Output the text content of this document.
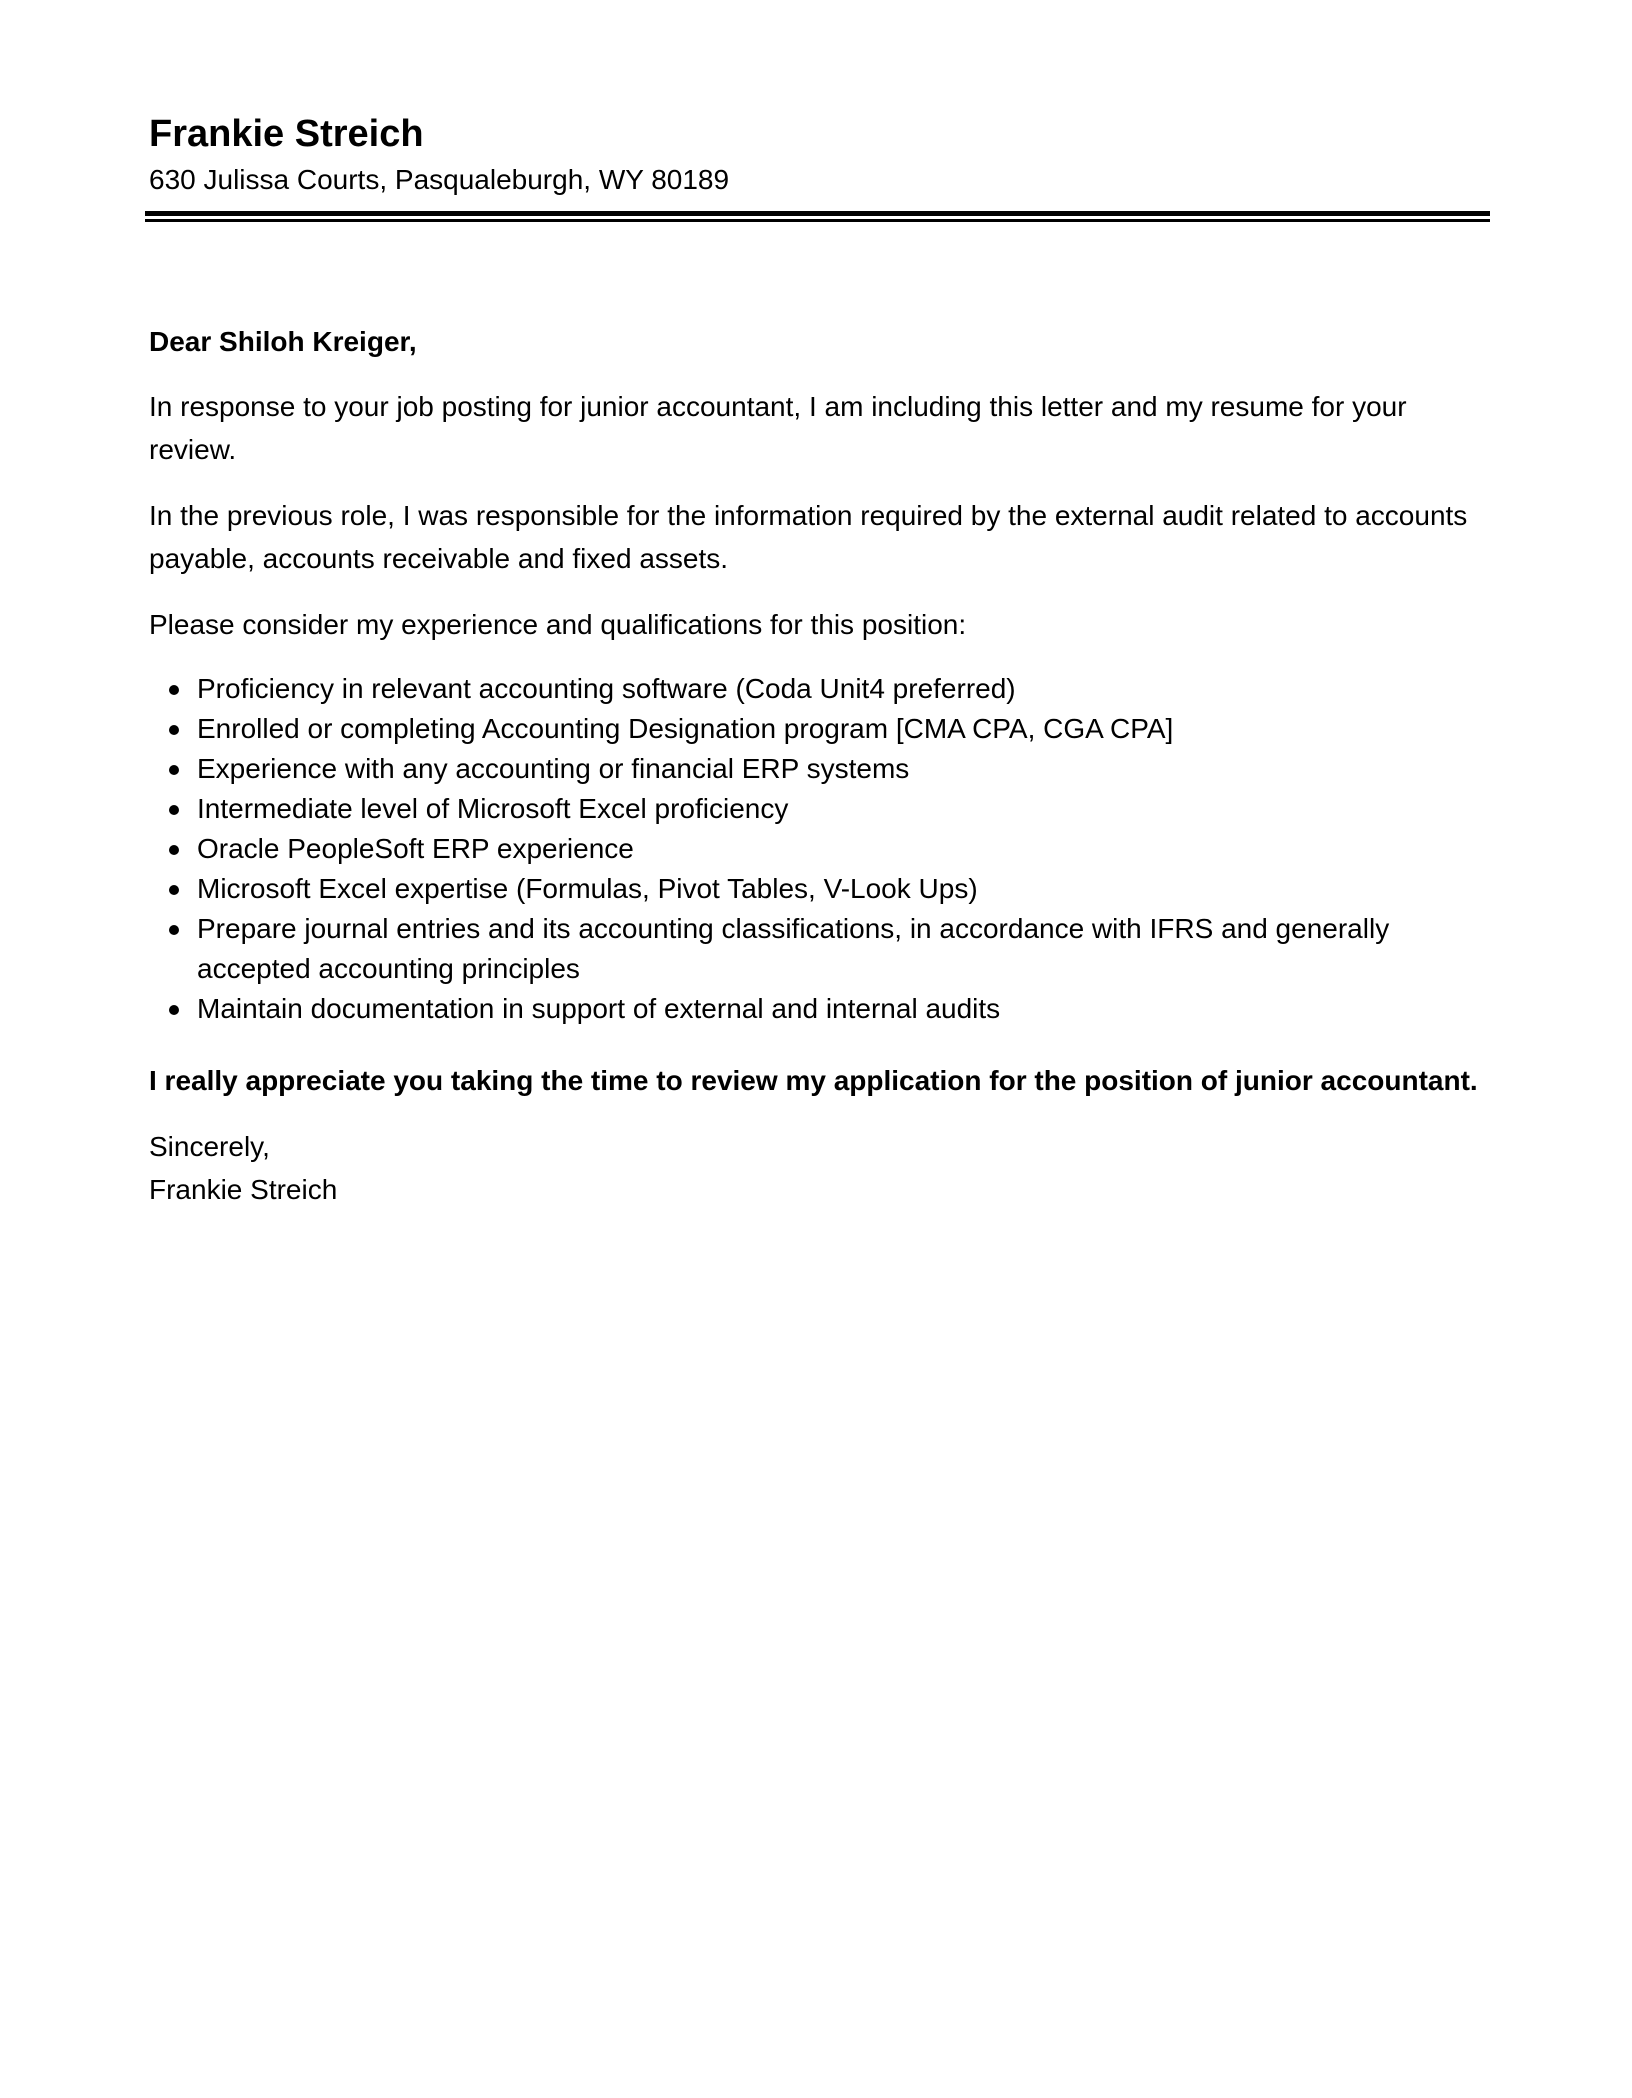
Frankie Streich

630 Julissa Courts, Pasqualeburgh, WY 80189

Dear Shiloh Kreiger,

In response to your job posting for junior accountant, I am including this letter and my resume for your review.

In the previous role, I was responsible for the information required by the external audit related to accounts payable, accounts receivable and fixed assets.

Please consider my experience and qualifications for this position:

Proficiency in relevant accounting software (Coda Unit4 preferred)
Enrolled or completing Accounting Designation program [CMA CPA, CGA CPA]
Experience with any accounting or financial ERP systems
Intermediate level of Microsoft Excel proficiency
Oracle PeopleSoft ERP experience
Microsoft Excel expertise (Formulas, Pivot Tables, V-Look Ups)
Prepare journal entries and its accounting classifications, in accordance with IFRS and generally accepted accounting principles
Maintain documentation in support of external and internal audits

I really appreciate you taking the time to review my application for the position of junior accountant.

Sincerely,

Frankie Streich
